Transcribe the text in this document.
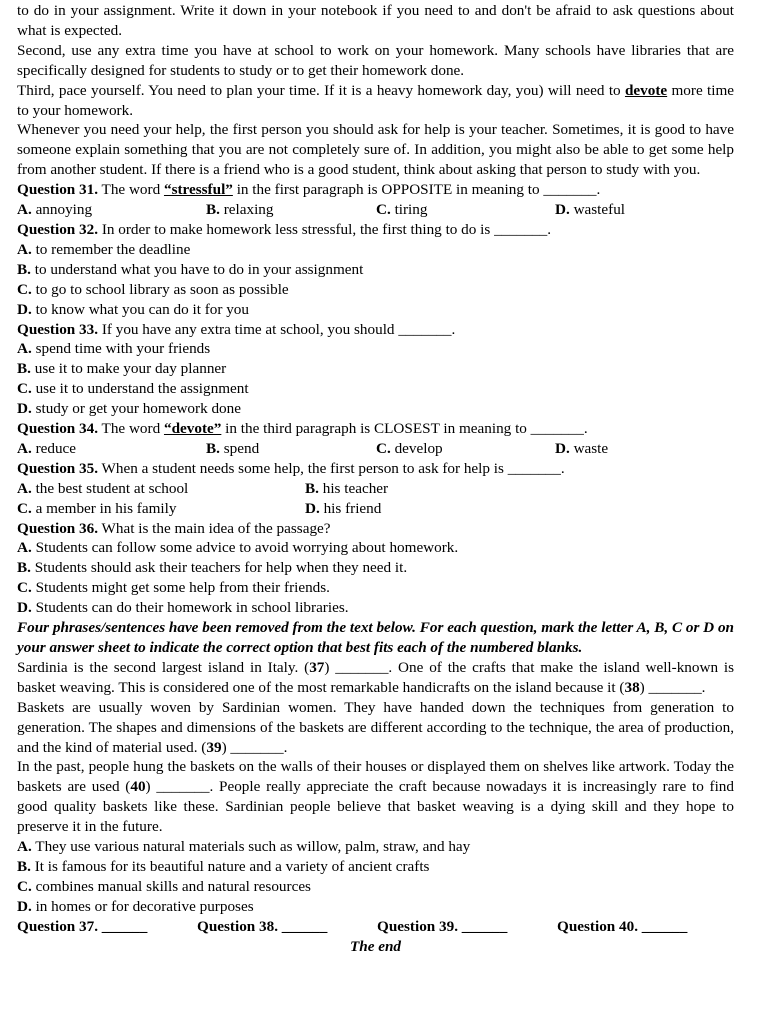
to do in your assignment. Write it down in your notebook if you need to and don't be afraid to ask questions about what is expected.

Second, use any extra time you have at school to work on your homework. Many schools have libraries that are specifically designed for students to study or to get their homework done.

Third, pace yourself. You need to plan your time. If it is a heavy homework day, you) will need to devote more time to your homework.

Whenever you need your help, the first person you should ask for help is your teacher. Sometimes, it is good to have someone explain something that you are not completely sure of. In addition, you might also be able to get some help from another student. If there is a friend who is a good student, think about asking that person to study with you.

Question 31. The word “stressful” in the first paragraph is OPPOSITE in meaning to _______.

A. annoying	B. relaxing	C. tiring	D. wasteful

Question 32. In order to make homework less stressful, the first thing to do is _______.

A. to remember the deadline

B. to understand what you have to do in your assignment

C. to go to school library as soon as possible

D. to know what you can do it for you

Question 33. If you have any extra time at school, you should _______.

A. spend time with your friends

B. use it to make your day planner

C. use it to understand the assignment

D. study or get your homework done

Question 34. The word “devote” in the third paragraph is CLOSEST in meaning to _______.

A. reduce	B. spend	C. develop	D. waste

Question 35. When a student needs some help, the first person to ask for help is _______.

A. the best student at school	B. his teacher
C. a member in his family	D. his friend

Question 36. What is the main idea of the passage?

A. Students can follow some advice to avoid worrying about homework.

B. Students should ask their teachers for help when they need it.

C. Students might get some help from their friends.

D. Students can do their homework in school libraries.

Four phrases/sentences have been removed from the text below. For each question, mark the letter A, B, C or D on your answer sheet to indicate the correct option that best fits each of the numbered blanks.

Sardinia is the second largest island in Italy. (37) _______. One of the crafts that make the island well-known is basket weaving. This is considered one of the most remarkable handicrafts on the island because it (38) _______.

Baskets are usually woven by Sardinian women. They have handed down the techniques from generation to generation. The shapes and dimensions of the baskets are different according to the technique, the area of production, and the kind of material used. (39) _______.

In the past, people hung the baskets on the walls of their houses or displayed them on shelves like artwork. Today the baskets are used (40) _______. People really appreciate the craft because nowadays it is increasingly rare to find good quality baskets like these. Sardinian people believe that basket weaving is a dying skill and they hope to preserve it in the future.

A. They use various natural materials such as willow, palm, straw, and hay

B. It is famous for its beautiful nature and a variety of ancient crafts

C. combines manual skills and natural resources

D. in homes or for decorative purposes

Question 37. ______	Question 38. ______	Question 39. ______	Question 40. ______

The end
